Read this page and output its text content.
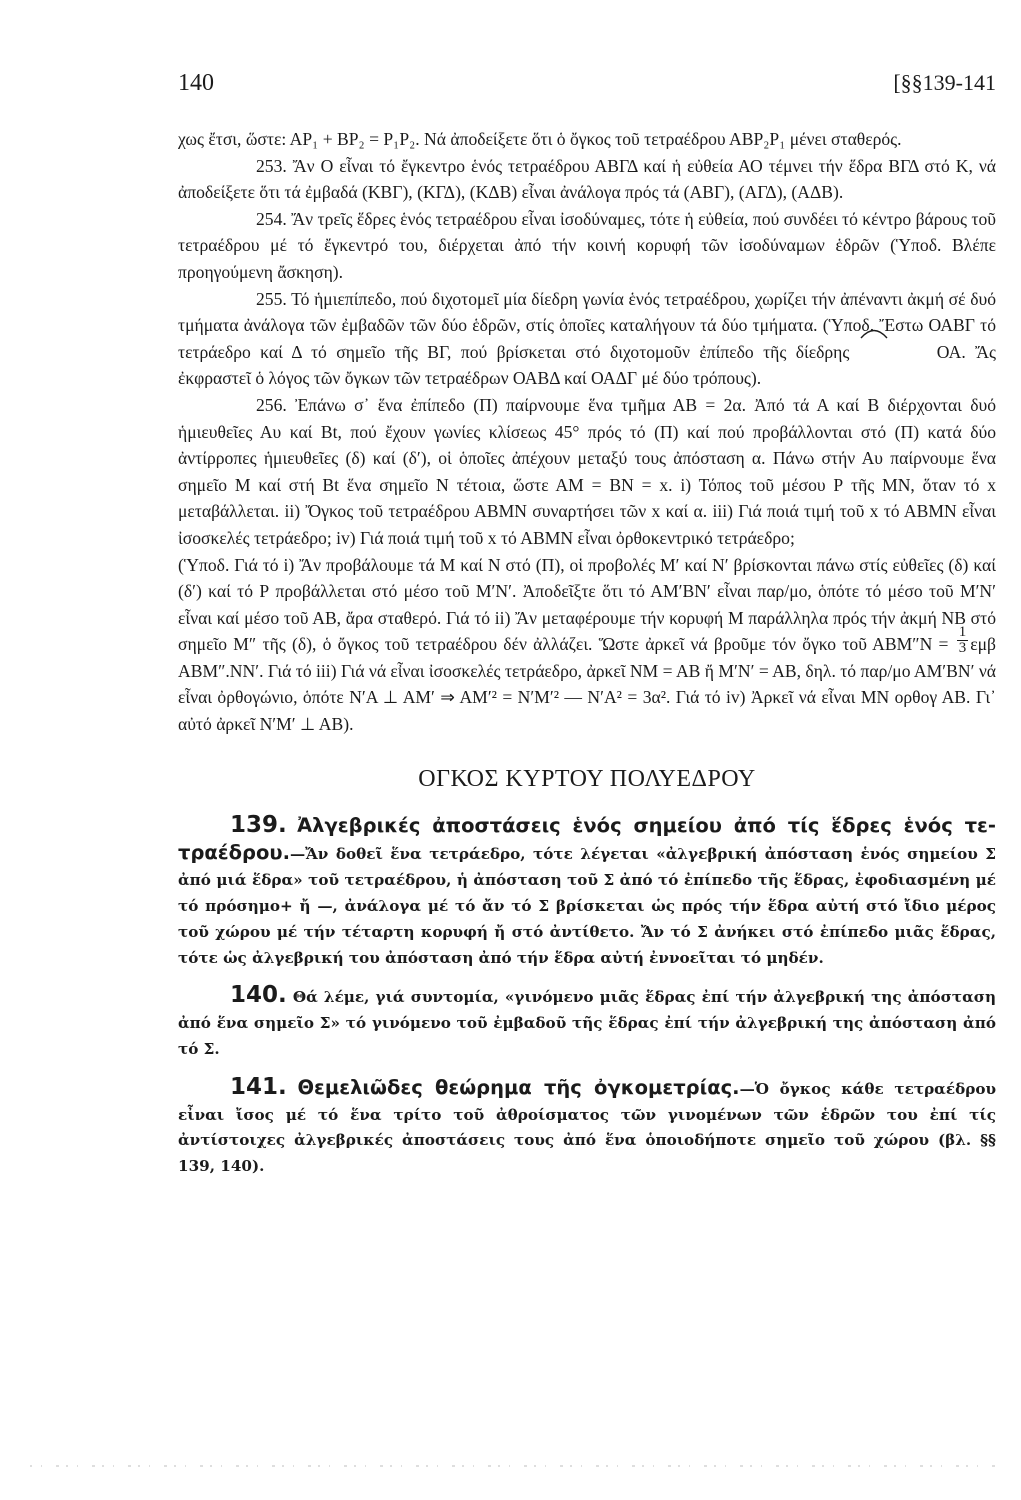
140	[§§139-141

χως ἔτσι, ὥστε: ΑΡ₁ + ΒΡ₂ = Ρ₁Ρ₂. Νά ἀποδείξετε ὅτι ὁ ὄγκος τοῦ τετραέδρου ΑΒΡ₂Ρ₁ μένει σταθερός.

253. Ἄν Ο εἶναι τό ἔγκεντρο ἑνός τετραέδρου ΑΒΓΔ καί ἡ εὐθεία ΑΟ τέμνει τήν ἕδρα ΒΓΔ στό Κ, νά ἀποδείξετε ὅτι τά ἐμβαδά (ΚΒΓ), (ΚΓΔ), (ΚΔΒ) εἶναι ἀνάλογα πρός τά (ΑΒΓ), (ΑΓΔ), (ΑΔΒ).

254. Ἄν τρεῖς ἕδρες ἑνός τετραέδρου εἶναι ἰσοδύναμες, τότε ἡ εὐθεία, πού συνδέει τό κέντρο βάρους τοῦ τετραέδρου μέ τό ἔγκεντρό του, διέρχεται ἀπό τήν κοινή κορυφή τῶν ἰσοδύναμων ἑδρῶν (Ὑποδ. Βλέπε προηγούμενη ἄσκηση).

255. Τό ἡμιεπίπεδο, πού διχοτομεῖ μία δίεδρη γωνία ἑνός τετραέδρου, χωρίζει τήν ἀπέναντι ἀκμή σέ δυό τμήματα ἀνάλογα τῶν ἐμβαδῶν τῶν δύο ἑδρῶν, στίς ὁποῖες καταλήγουν τά δύο τμήματα. (Ὑποδ. Ἔστω ΟΑΒΓ τό τετράεδρο καί Δ τό σημεῖο τῆς ΒΓ, πού βρίσκεται στό διχοτομοῦν ἐπίπεδο τῆς δίεδρης	ΟΑ. Ἄς ἐκφραστεῖ ὁ λόγος τῶν ὄγκων τῶν τετραέδρων ΟΑΒΔ καί ΟΑΔΓ μέ δύο τρόπους).

256. Ἐπάνω σ᾿ ἕνα ἐπίπεδο (Π) παίρνουμε ἕνα τμῆμα ΑΒ = 2α. Ἀπό τά Α καί Β διέρχονται δυό ἡμιευθεῖες Αυ καί Βt, πού ἔχουν γωνίες κλίσεως 45° πρός τό (Π) καί πού προβάλλονται στό (Π) κατά δύο ἀντίρροπες ἡμιευθεῖες (δ) καί (δ′), οἱ ὁποῖες ἀπέχουν μεταξύ τους ἀπόσταση α. Πάνω στήν Αυ παίρνουμε ἕνα σημεῖο Μ καί στή Βt ἕνα σημεῖο Ν τέτοια, ὥστε ΑΜ = ΒΝ = x. i) Τόπος τοῦ μέσου Ρ τῆς ΜΝ, ὅταν τό x μεταβάλλεται. ii) Ὄγκος τοῦ τετραέδρου ΑΒΜΝ συναρτήσει τῶν x καί α. iii) Γιά ποιά τιμή τοῦ x τό ΑΒΜΝ εἶναι ἰσοσκελές τετράεδρο; iv) Γιά ποιά τιμή τοῦ x τό ΑΒΜΝ εἶναι ὀρθοκεντρικό τετράεδρο;

(Ὑποδ. Γιά τό i) Ἄν προβάλουμε τά Μ καί Ν στό (Π), οἱ προβολές Μ′ καί Ν′ βρίσκονται πάνω στίς εὐθεῖες (δ) καί (δ′) καί τό Ρ προβάλλεται στό μέσο τοῦ Μ′Ν′. Ἀποδεῖξτε ὅτι τό ΑΜ′ΒΝ′ εἶναι παρ/μο, ὁπότε τό μέσο τοῦ Μ′Ν′ εἶναι καί μέσο τοῦ ΑΒ, ἄρα σταθερό. Γιά τό ii) Ἄν μεταφέρουμε τήν κορυφή Μ παράλληλα πρός τήν ἀκμή ΝΒ στό σημεῖο Μ″ τῆς (δ), ὁ ὄγκος τοῦ τετραέδρου δέν ἀλλάζει. Ὥστε ἀρκεῖ νά βροῦμε τόν ὄγκο τοῦ $ABM''N = \frac{1}{3}$ εμβ ΑΒΜ″.ΝΝ′. Γιά τό iii) Γιά νά εἶναι ἰσοσκελές τετράεδρο, ἀρκεῖ ΝΜ = ΑΒ ἤ Μ′Ν′ = ΑΒ, δηλ. τό παρ/μο ΑΜ′ΒΝ′ νά εἶναι ὀρθογώνιο, ὁπότε Ν′Α ⊥ ΑΜ′ ⇒ ΑΜ′² = Ν′Μ′² — Ν′Α² = 3α². Γιά τό iv) Ἀρκεῖ νά εἶναι ΜΝ ορθογ ΑΒ. Γι᾿ αὐτό ἀρκεῖ Ν′Μ′ ⊥ ΑΒ).

ΟΓΚΟΣ ΚΥΡΤΟΥ ΠΟΛΥΕΔΡΟΥ

139. Ἀλγεβρικές ἀποστάσεις ἑνός σημείου ἀπό τίς ἕδρες ἑνός τε- τραέδρου.—Ἄν δοθεῖ ἕνα τετράεδρο, τότε λέγεται «ἀλγεβρική ἀπόσταση ἑνός σημείου Σ ἀπό μιά ἕδρα» τοῦ τετραέδρου, ἡ ἀπόσταση τοῦ Σ ἀπό τό ἐπίπεδο τῆς ἕδρας, ἐφοδιασμένη μέ τό πρόσημο+ ἤ —, ἀνάλογα μέ τό ἄν τό Σ βρίσκεται ὡς πρός τήν ἕδρα αὐτή στό ἴδιο μέρος τοῦ χώρου μέ τήν τέταρτη κορυφή ἤ στό ἀντίθετο. Ἄν τό Σ ἀνήκει στό ἐπίπεδο μιᾶς ἕδρας, τότε ὡς ἀλγεβρική του ἀπόσταση ἀπό τήν ἕδρα αὐτή ἐννοεῖται τό μηδέν.

140. Θά λέμε, γιά συντομία, «γινόμενο μιᾶς ἕδρας ἐπί τήν ἀλγεβρική της ἀπόσταση ἀπό ἕνα σημεῖο Σ» τό γινόμενο τοῦ ἐμβαδοῦ τῆς ἕδρας ἐπί τήν ἀλγεβρική της ἀπόσταση ἀπό τό Σ.

141. Θεμελιῶδες θεώρημα τῆς ὀγκομετρίας.—Ὁ ὄγκος κάθε τετραέδρου εἶναι ἴσος μέ τό ἕνα τρίτο τοῦ ἀθροίσματος τῶν γινομένων τῶν ἑδρῶν του ἐπί τίς ἀντίστοιχες ἀλγεβρικές ἀποστάσεις τους ἀπό ἕνα ὁποιοδήποτε σημεῖο τοῦ χώρου (βλ. §§ 139, 140).
